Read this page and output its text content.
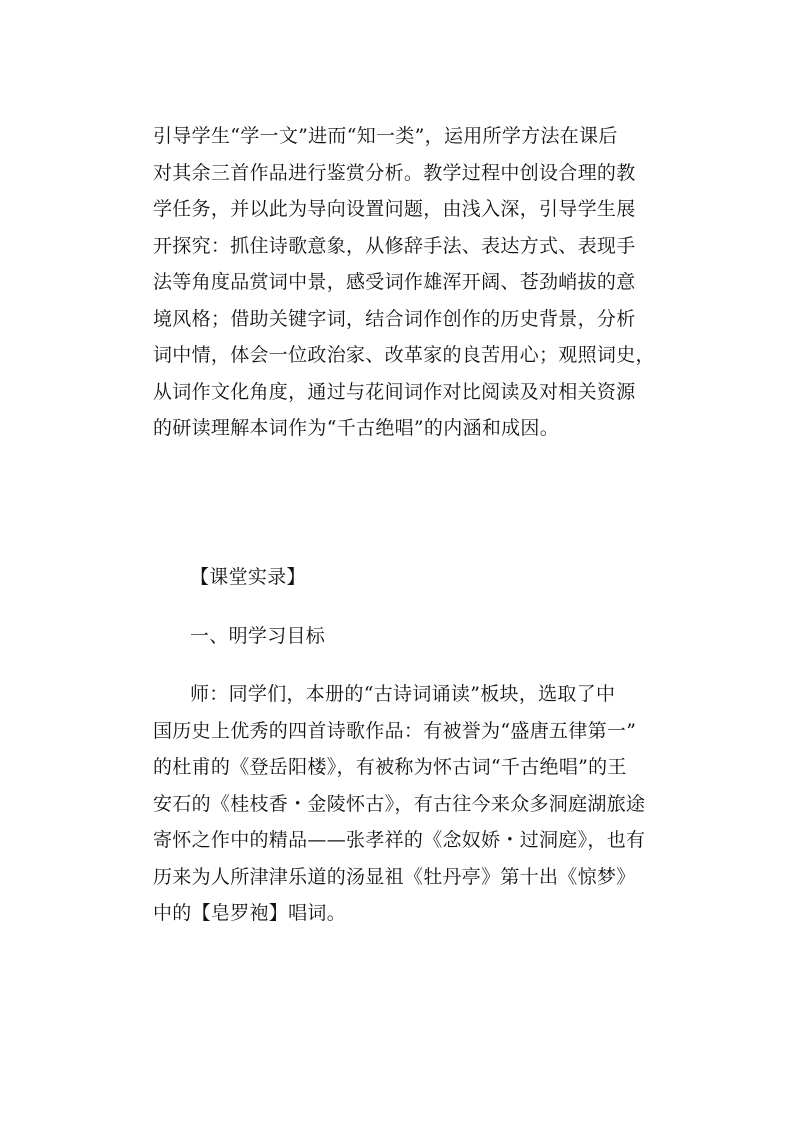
引导学生“学一文”进而“知一类”，运用所学方法在课后
对其余三首作品进行鉴赏分析。教学过程中创设合理的教
学任务，并以此为导向设置问题，由浅入深，引导学生展
开探究：抓住诗歌意象，从修辞手法、表达方式、表现手
法等角度品赏词中景，感受词作雄浑开阔、苍劲峭拔的意
境风格；借助关键字词，结合词作创作的历史背景，分析
词中情，体会一位政治家、改革家的良苦用心；观照词史，
从词作文化角度，通过与花间词作对比阅读及对相关资源
的研读理解本词作为“千古绝唱”的内涵和成因。
【课堂实录】
一、明学习目标
师：同学们，本册的“古诗词诵读”板块，选取了中
国历史上优秀的四首诗歌作品：有被誉为“盛唐五律第一”
的杜甫的《登岳阳楼》，有被称为怀古词“千古绝唱”的王
安石的《桂枝香・金陵怀古》，有古往今来众多洞庭湖旅途
寄怀之作中的精品——张孝祥的《念奴娇・过洞庭》，也有
历来为人所津津乐道的汤显祖《牡丹亭》第十出《惊梦》
中的【皂罗袍】唱词。
